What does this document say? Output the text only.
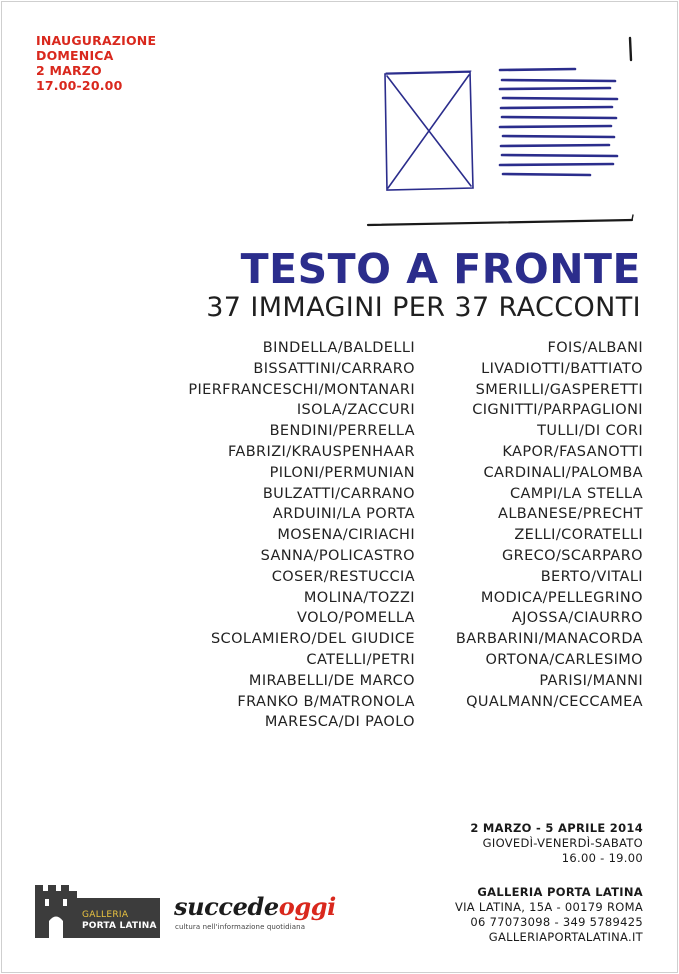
INAUGURAZIONE
DOMENICA
2 MARZO
17.00-20.00
TESTO A FRONTE
37 IMMAGINI PER 37 RACCONTI
BINDELLA/BALDELLI
BISSATTINI/CARRARO
PIERFRANCESCHI/MONTANARI
ISOLA/ZACCURI
BENDINI/PERRELLA
FABRIZI/KRAUSPENHAAR
PILONI/PERMUNIAN
BULZATTI/CARRANO
ARDUINI/LA PORTA
MOSENA/CIRIACHI
SANNA/POLICASTRO
COSER/RESTUCCIA
MOLINA/TOZZI
VOLO/POMELLA
SCOLAMIERO/DEL GIUDICE
CATELLI/PETRI
MIRABELLI/DE MARCO
FRANKO B/MATRONOLA
MARESCA/DI PAOLO
FOIS/ALBANI
LIVADIOTTI/BATTIATO
SMERILLI/GASPERETTI
CIGNITTI/PARPAGLIONI
TULLI/DI CORI
KAPOR/FASANOTTI
CARDINALI/PALOMBA
CAMPI/LA STELLA
ALBANESE/PRECHT
ZELLI/CORATELLI
GRECO/SCARPARO
BERTO/VITALI
MODICA/PELLEGRINO
AJOSSA/CIAURRO
BARBARINI/MANACORDA
ORTONA/CARLESIMO
PARISI/MANNI
QUALMANN/CECCAMEA
2 MARZO - 5 APRILE 2014
GIOVEDÌ-VENERDÌ-SABATO
16.00 - 19.00
GALLERIA PORTA LATINA
VIA LATINA, 15A - 00179 ROMA
06 77073098 - 349 5789425
GALLERIAPORTALATINA.IT
GALLERIA
PORTA LATINA
succedeoggi
cultura nell'informazione quotidiana
